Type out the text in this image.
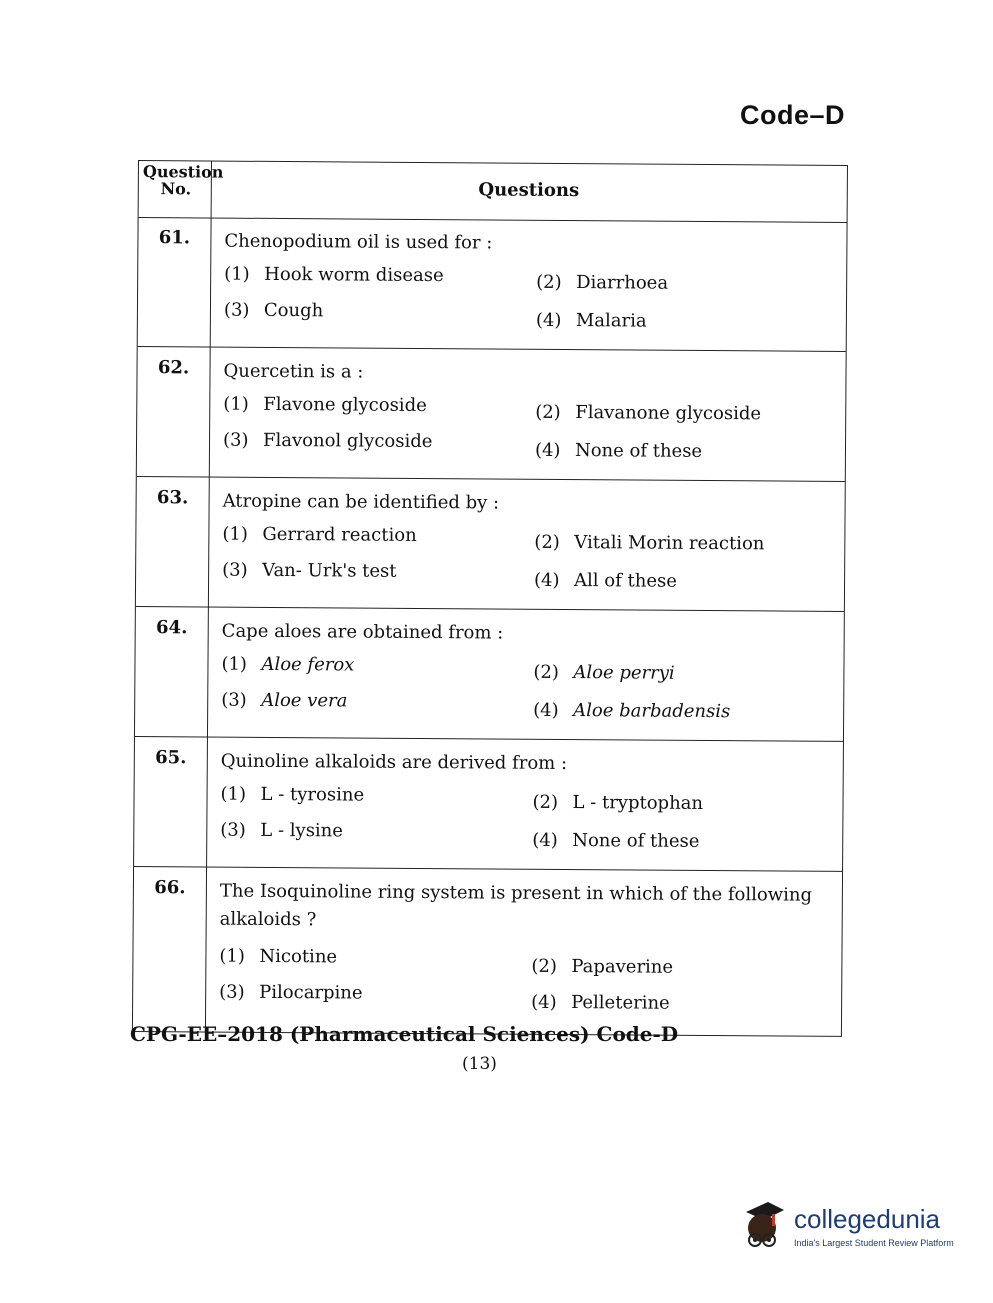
Code–D
Question No.	Questions
61.	Chenopodium oil is used for :
(1) Hook worm disease	(2) Diarrhoea
(3) Cough	(4) Malaria
62.	Quercetin is a :
(1) Flavone glycoside	(2) Flavanone glycoside
(3) Flavonol glycoside	(4) None of these
63.	Atropine can be identified by :
(1) Gerrard reaction	(2) Vitali Morin reaction
(3) Van- Urk's test	(4) All of these
64.	Cape aloes are obtained from :
(1) Aloe ferox	(2) Aloe perryi
(3) Aloe vera	(4) Aloe barbadensis
65.	Quinoline alkaloids are derived from :
(1) L - tyrosine	(2) L - tryptophan
(3) L - lysine	(4) None of these
66.	The Isoquinoline ring system is present in which of the following alkaloids ?
(1) Nicotine	(2) Papaverine
(3) Pilocarpine	(4) Pelleterine
CPG-EE–2018 (Pharmaceutical Sciences) Code-D
(13)
collegedunia
India's Largest Student Review Platform
